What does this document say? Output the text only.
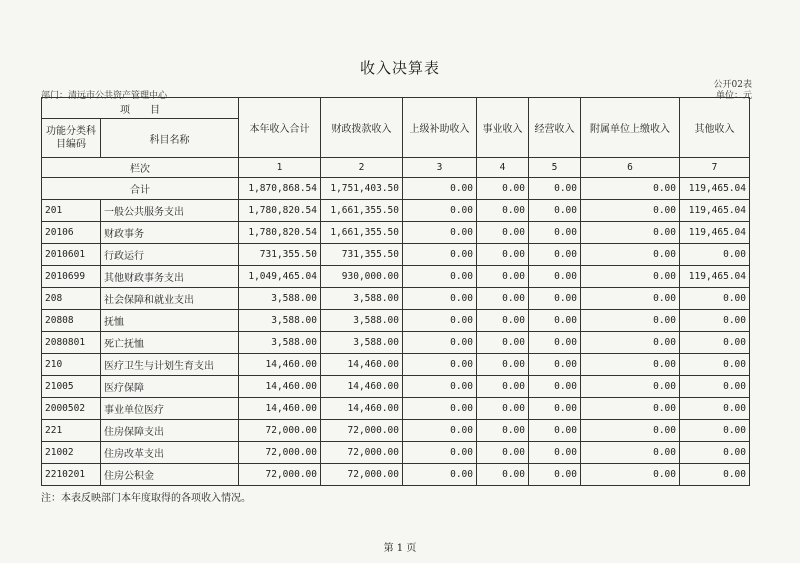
收入决算表
公开02表
部门：清远市公共资产管理中心	单位：元
项　　目		本年收入合计	财政拨款收入	上级补助收入	事业收入	经营收入	附属单位上缴收入	其他收入
功能分类科目编码	科目名称							
栏次		1	2	3	4	5	6	7
合计		1,870,868.54	1,751,403.50	0.00	0.00	0.00	0.00	119,465.04
201	一般公共服务支出	1,780,820.54	1,661,355.50	0.00	0.00	0.00	0.00	119,465.04
20106	财政事务	1,780,820.54	1,661,355.50	0.00	0.00	0.00	0.00	119,465.04
2010601	行政运行	731,355.50	731,355.50	0.00	0.00	0.00	0.00	0.00
2010699	其他财政事务支出	1,049,465.04	930,000.00	0.00	0.00	0.00	0.00	119,465.04
208	社会保障和就业支出	3,588.00	3,588.00	0.00	0.00	0.00	0.00	0.00
20808	抚恤	3,588.00	3,588.00	0.00	0.00	0.00	0.00	0.00
2080801	死亡抚恤	3,588.00	3,588.00	0.00	0.00	0.00	0.00	0.00
210	医疗卫生与计划生育支出	14,460.00	14,460.00	0.00	0.00	0.00	0.00	0.00
21005	医疗保障	14,460.00	14,460.00	0.00	0.00	0.00	0.00	0.00
2000502	事业单位医疗	14,460.00	14,460.00	0.00	0.00	0.00	0.00	0.00
221	住房保障支出	72,000.00	72,000.00	0.00	0.00	0.00	0.00	0.00
21002	住房改革支出	72,000.00	72,000.00	0.00	0.00	0.00	0.00	0.00
2210201	住房公积金	72,000.00	72,000.00	0.00	0.00	0.00	0.00	0.00
注：本表反映部门本年度取得的各项收入情况。
第 1 页
